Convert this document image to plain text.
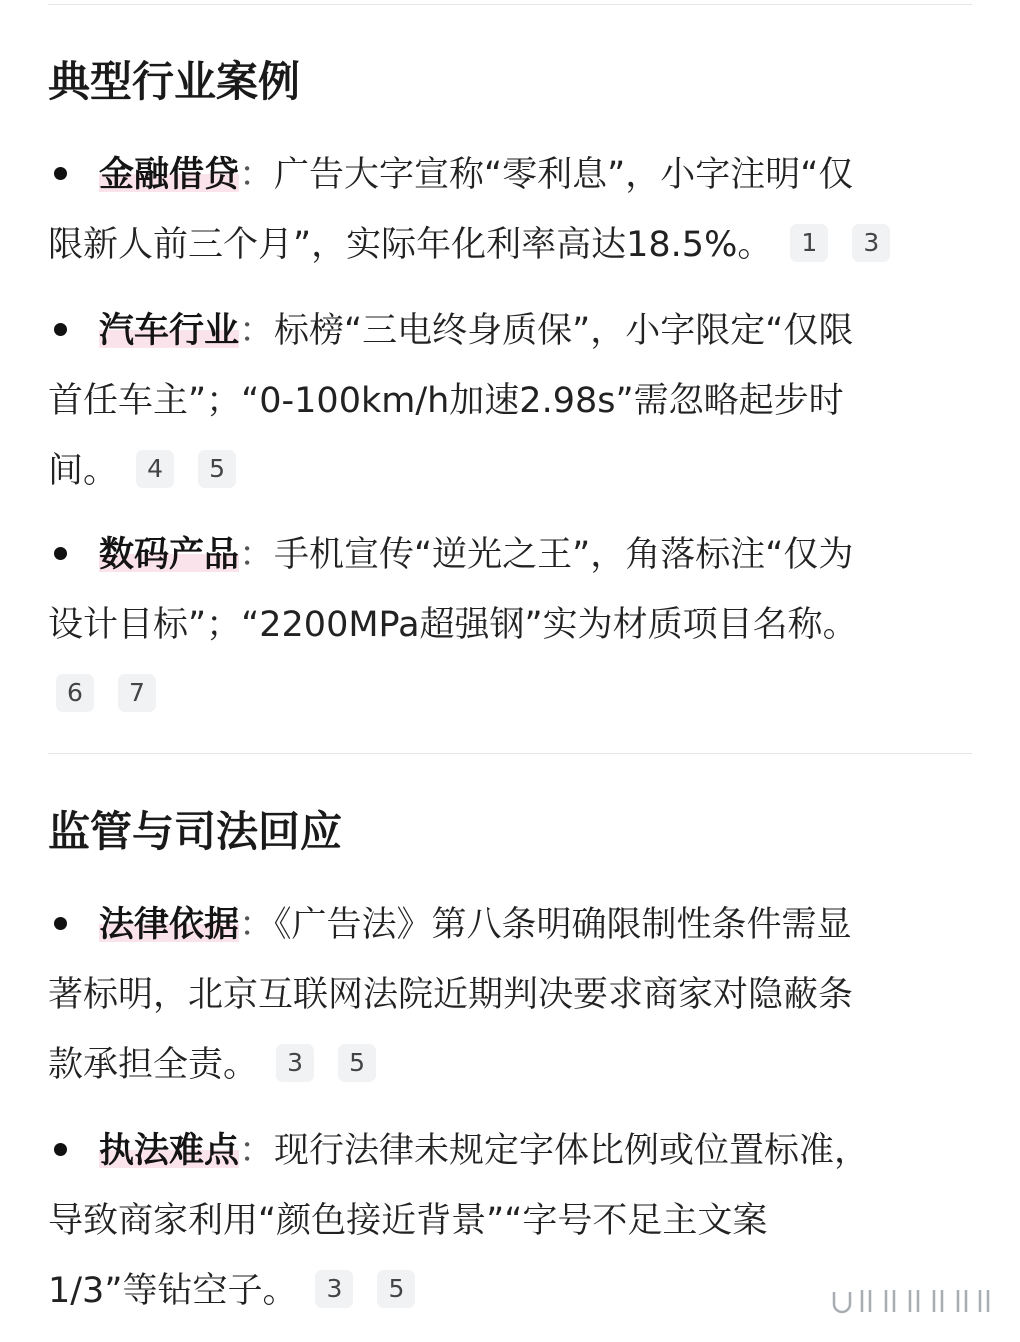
典型行业案例

金融借贷：广告大字宣称“零利息”，小字注明“仅
限新人前三个月”，实际年化利率高达18.5%。 1 3

汽车行业：标榜“三电终身质保”，小字限定“仅限
首任车主”；“0-100km/h加速2.98s”需忽略起步时
间。 4 5

数码产品：手机宣传“逆光之王”，角落标注“仅为
设计目标”；“2200MPa超强钢”实为材质项目名称。
6 7

监管与司法回应

法律依据：《广告法》第八条明确限制性条件需显
著标明，北京互联网法院近期判决要求商家对隐蔽条
款承担全责。 3 5

执法难点：现行法律未规定字体比例或位置标准，
导致商家利用“颜色接近背景”“字号不足主文案
1/3”等钻空子。 3 5
